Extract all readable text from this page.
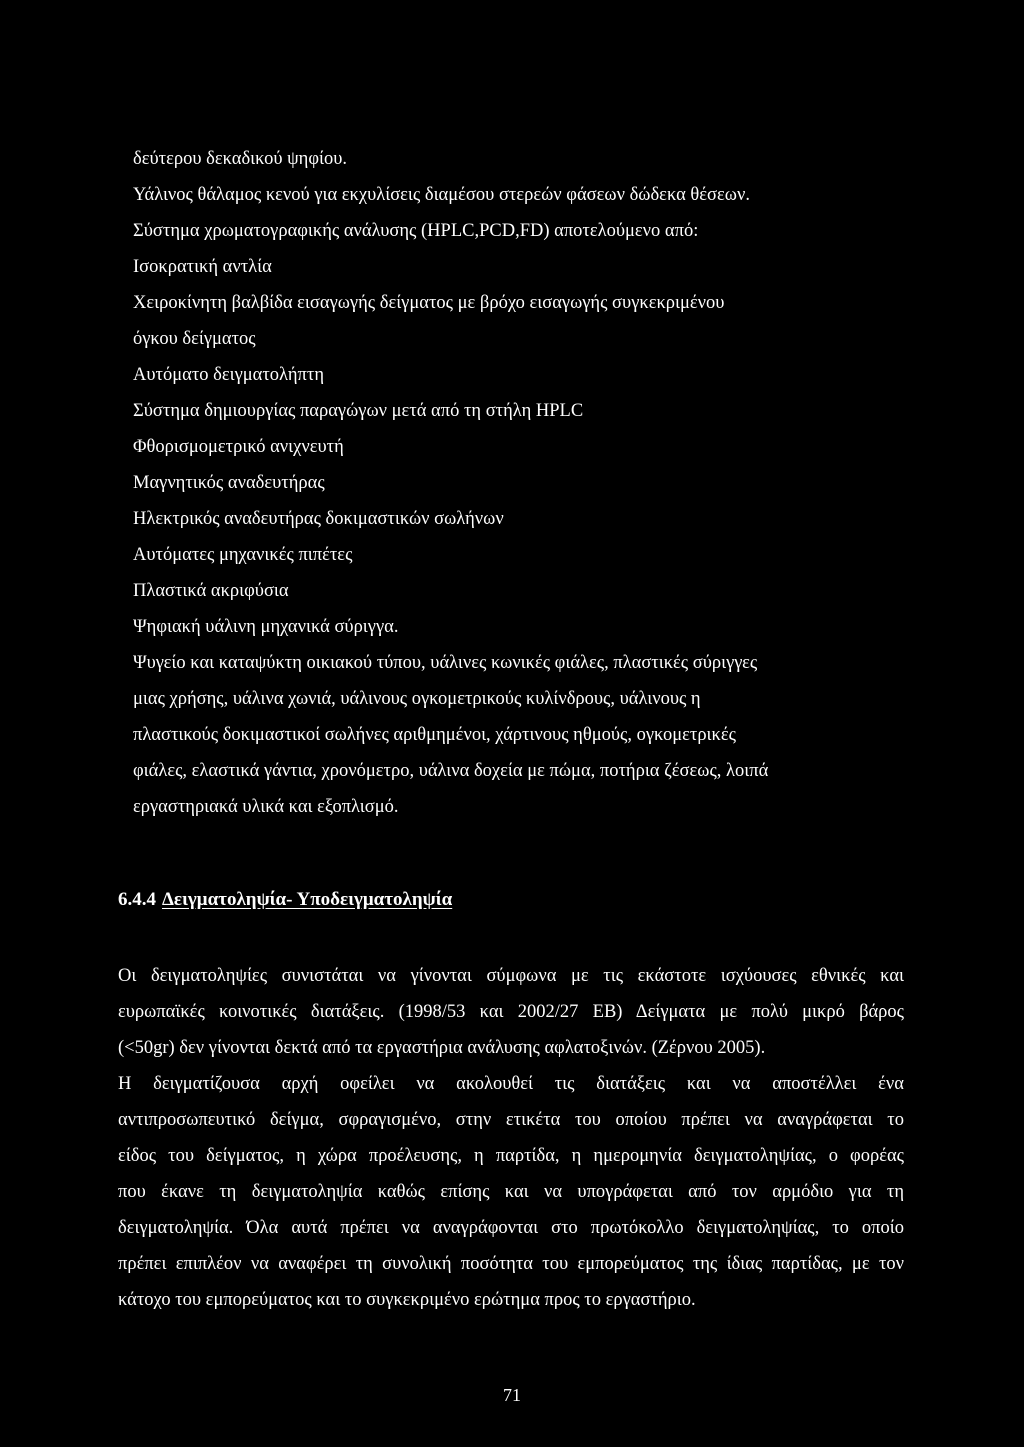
δεύτερου δεκαδικού ψηφίου.
Υάλινος θάλαμος κενού για εκχυλίσεις διαμέσου στερεών φάσεων δώδεκα θέσεων.
Σύστημα χρωματογραφικής ανάλυσης (HPLC,PCD,FD) αποτελούμενο από:
Ισοκρατική αντλία
Χειροκίνητη βαλβίδα εισαγωγής δείγματος με βρόχο εισαγωγής συγκεκριμένου
όγκου δείγματος
Αυτόματο δειγματολήπτη
Σύστημα δημιουργίας παραγώγων μετά από τη στήλη HPLC
Φθορισμομετρικό ανιχνευτή
Μαγνητικός αναδευτήρας
Ηλεκτρικός αναδευτήρας δοκιμαστικών σωλήνων
Αυτόματες μηχανικές πιπέτες
Πλαστικά ακριφύσια
Ψηφιακή υάλινη μηχανικά σύριγγα.
Ψυγείο και καταψύκτη οικιακού τύπου, υάλινες κωνικές φιάλες, πλαστικές σύριγγες
μιας χρήσης, υάλινα χωνιά, υάλινους ογκομετρικούς κυλίνδρους, υάλινους η
πλαστικούς δοκιμαστικοί σωλήνες αριθμημένοι, χάρτινους ηθμούς, ογκομετρικές
φιάλες, ελαστικά γάντια, χρονόμετρο, υάλινα δοχεία με πώμα, ποτήρια ζέσεως, λοιπά
εργαστηριακά υλικά και εξοπλισμό.
6.4.4 Δειγματοληψία- Υποδειγματοληψία
Οι δειγματοληψίες συνιστάται να γίνονται σύμφωνα με τις εκάστοτε ισχύουσες εθνικές και
ευρωπαϊκές κοινοτικές διατάξεις. (1998/53 και 2002/27 ΕΒ) Δείγματα με πολύ μικρό βάρος
(<50gr) δεν γίνονται δεκτά από τα εργαστήρια ανάλυσης αφλατοξινών. (Ζέρνου 2005).
Η δειγματίζουσα αρχή οφείλει να ακολουθεί τις διατάξεις και να αποστέλλει ένα
αντιπροσωπευτικό δείγμα, σφραγισμένο, στην ετικέτα του οποίου πρέπει να αναγράφεται το
είδος του δείγματος, η χώρα προέλευσης, η παρτίδα, η ημερομηνία δειγματοληψίας, ο φορέας
που έκανε τη δειγματοληψία καθώς επίσης και να υπογράφεται από τον αρμόδιο για τη
δειγματοληψία. Όλα αυτά πρέπει να αναγράφονται στο πρωτόκολλο δειγματοληψίας, το οποίο
πρέπει επιπλέον να αναφέρει τη συνολική ποσότητα του εμπορεύματος της ίδιας παρτίδας, με τον
κάτοχο του εμπορεύματος και το συγκεκριμένο ερώτημα προς το εργαστήριο.
71
